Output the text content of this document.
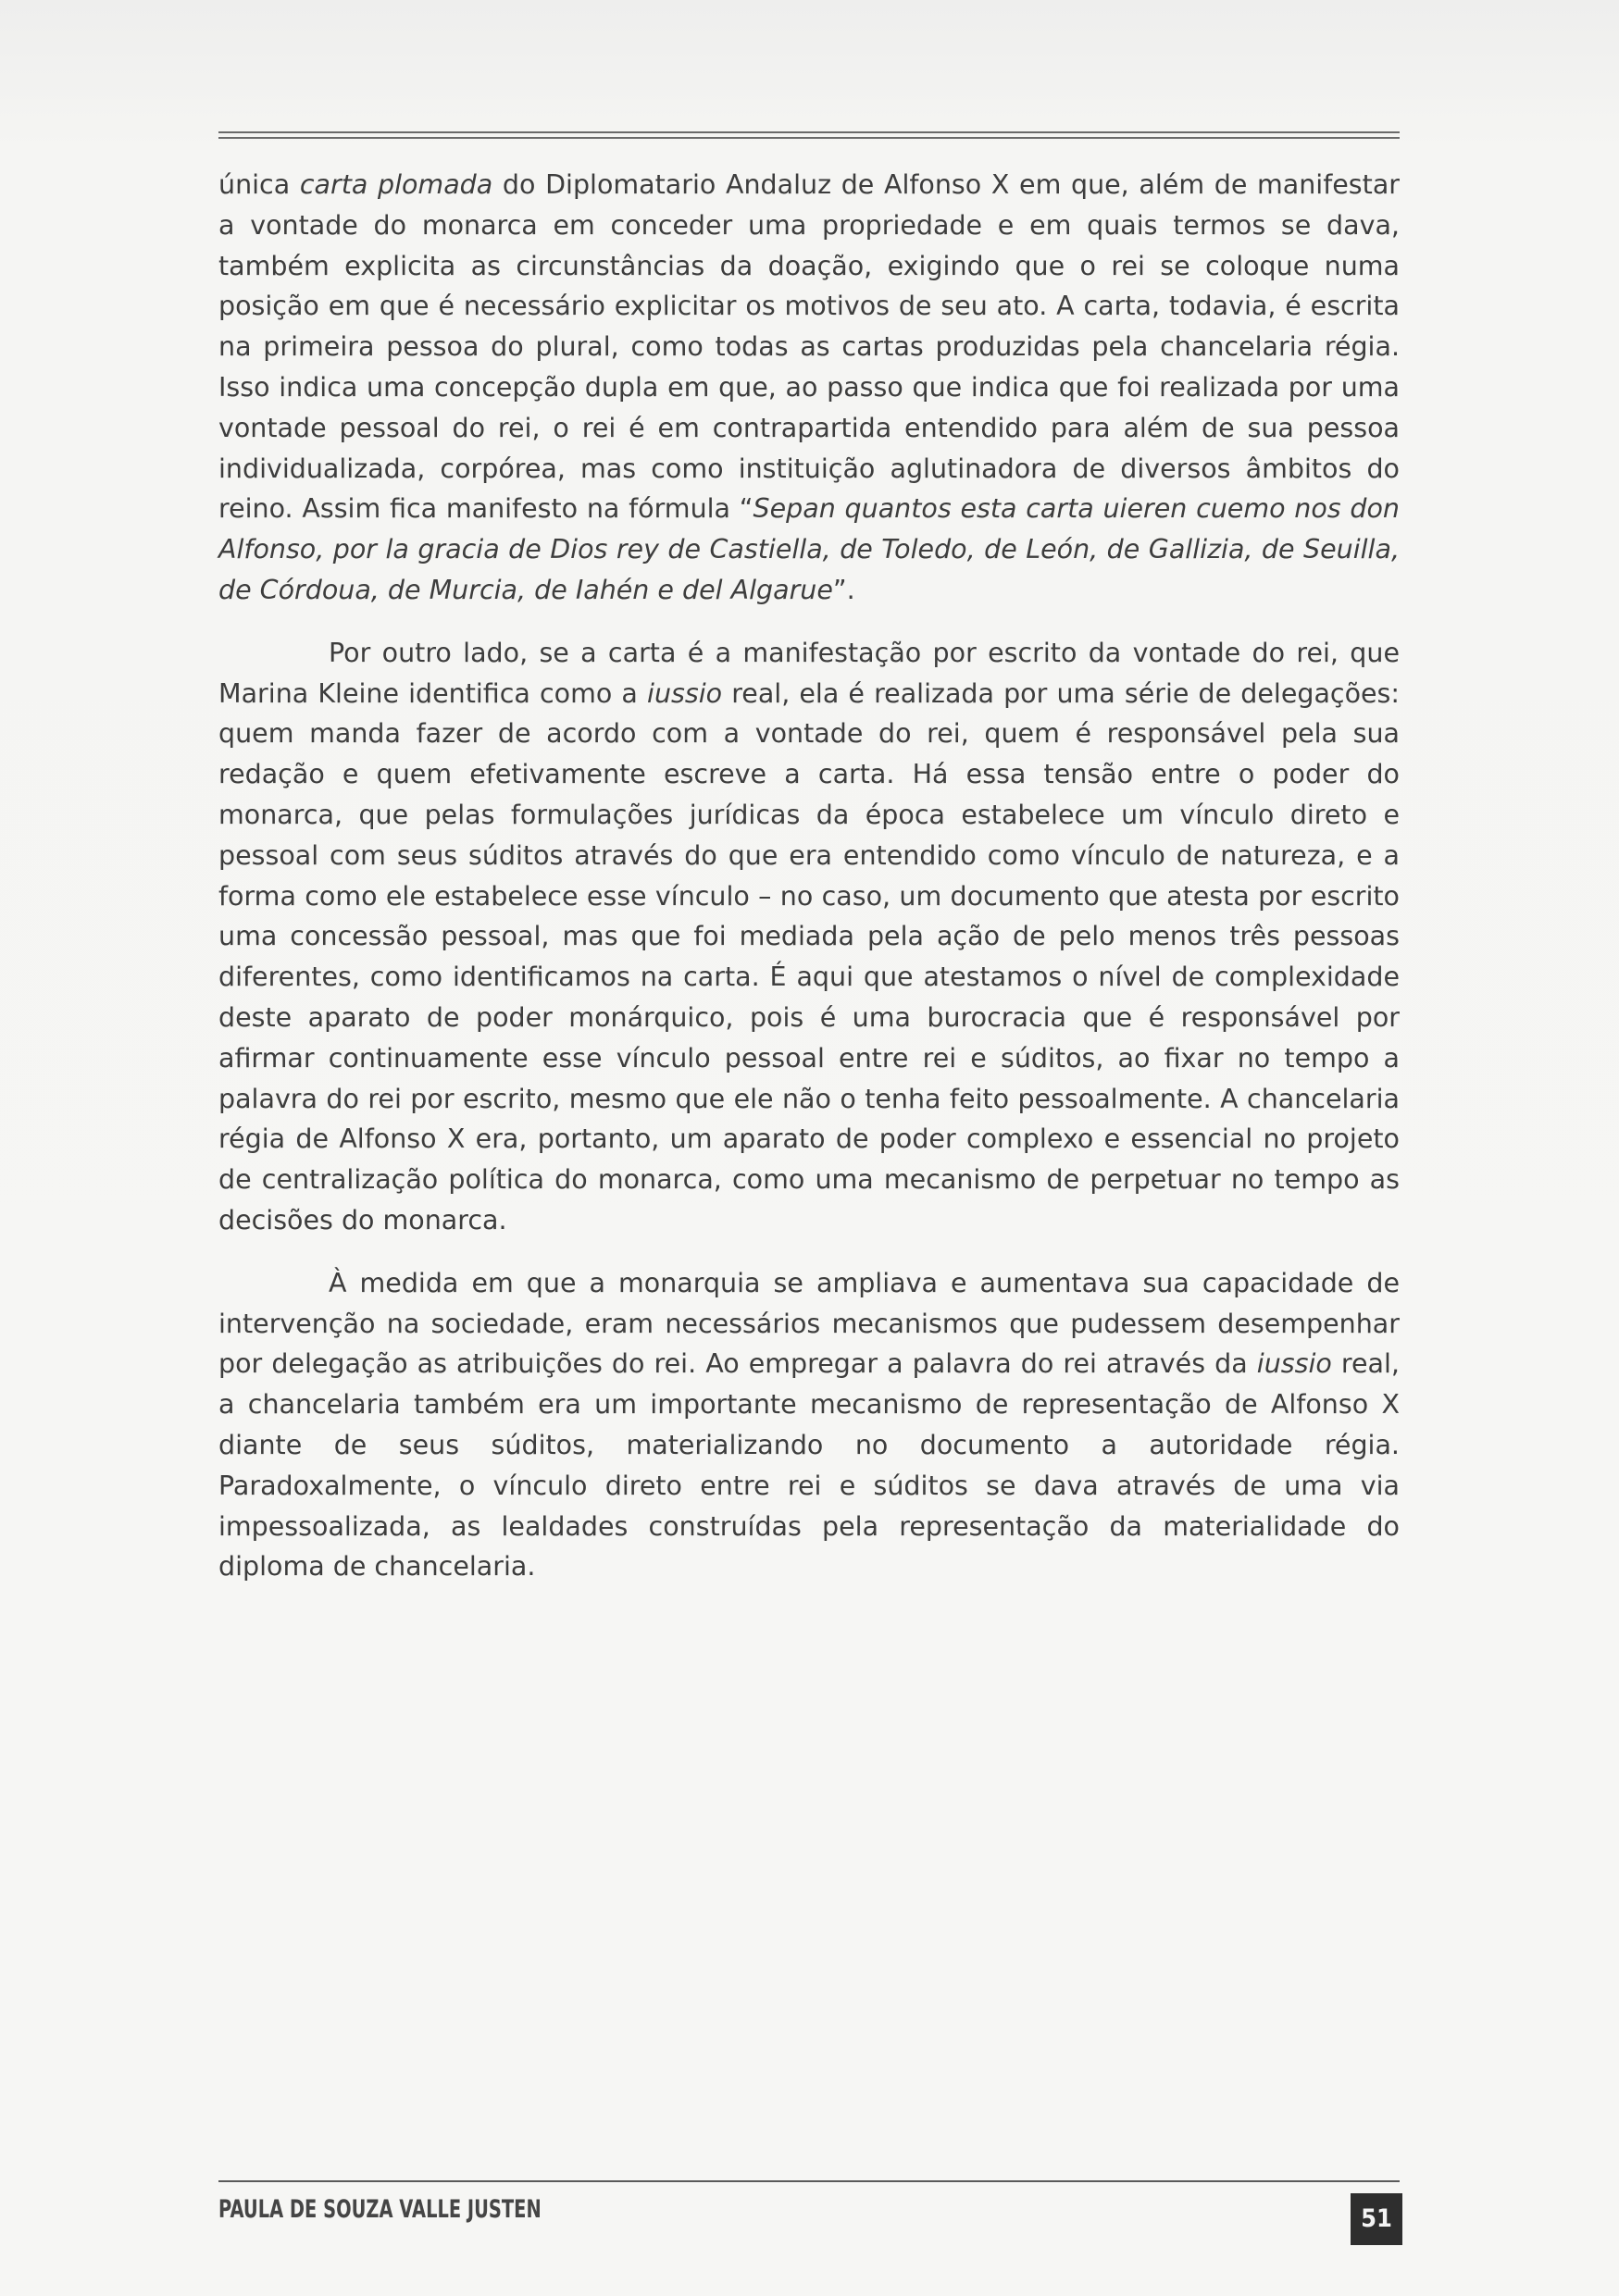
única carta plomada do Diplomatario Andaluz de Alfonso X em que, além de manifestar a vontade do monarca em conceder uma propriedade e em quais termos se dava, também explicita as circunstâncias da doação, exigindo que o rei se coloque numa posição em que é necessário explicitar os motivos de seu ato. A carta, todavia, é escrita na primeira pessoa do plural, como todas as cartas produzidas pela chancelaria régia. Isso indica uma concepção dupla em que, ao passo que indica que foi realizada por uma vontade pessoal do rei, o rei é em contrapartida entendido para além de sua pessoa individualizada, corpórea, mas como instituição aglutinadora de diversos âmbitos do reino. Assim fica manifesto na fórmula “Sepan quantos esta carta uieren cuemo nos don Alfonso, por la gracia de Dios rey de Castiella, de Toledo, de León, de Gallizia, de Seuilla, de Córdoua, de Murcia, de Iahén e del Algarue”.

Por outro lado, se a carta é a manifestação por escrito da vontade do rei, que Marina Kleine identifica como a iussio real, ela é realizada por uma série de delegações: quem manda fazer de acordo com a vontade do rei, quem é responsável pela sua redação e quem efetivamente escreve a carta. Há essa tensão entre o poder do monarca, que pelas formulações jurídicas da época estabelece um vínculo direto e pessoal com seus súditos através do que era entendido como vínculo de natureza, e a forma como ele estabelece esse vínculo – no caso, um documento que atesta por escrito uma concessão pessoal, mas que foi mediada pela ação de pelo menos três pessoas diferentes, como identificamos na carta. É aqui que atestamos o nível de complexidade deste aparato de poder monárquico, pois é uma burocracia que é responsável por afirmar continuamente esse vínculo pessoal entre rei e súditos, ao fixar no tempo a palavra do rei por escrito, mesmo que ele não o tenha feito pessoalmente. A chancelaria régia de Alfonso X era, portanto, um aparato de poder complexo e essencial no projeto de centralização política do monarca, como uma mecanismo de perpetuar no tempo as decisões do monarca.

À medida em que a monarquia se ampliava e aumentava sua capacidade de intervenção na sociedade, eram necessários mecanismos que pudessem desempenhar por delegação as atribuições do rei. Ao empregar a palavra do rei através da iussio real, a chancelaria também era um importante mecanismo de representação de Alfonso X diante de seus súditos, materializando no documento a autoridade régia. Paradoxalmente, o vínculo direto entre rei e súditos se dava através de uma via impessoalizada, as lealdades construídas pela representação da materialidade do diploma de chancelaria.

PAULA DE SOUZA VALLE JUSTEN	51
